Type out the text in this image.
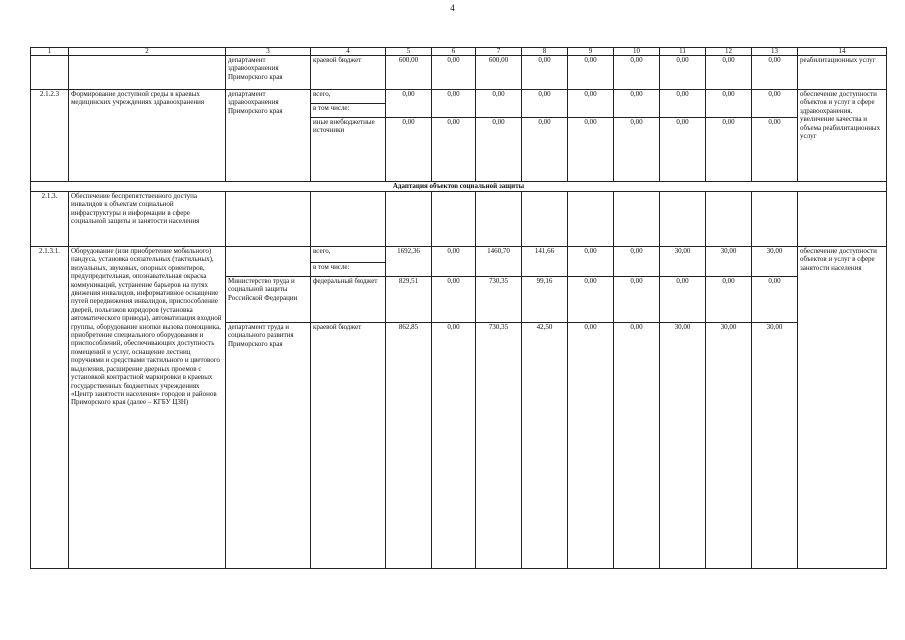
4
1	2	3	4	5	6	7	8	9	10	11	12	13	14
		департамент здравоохранения Приморского края	краевой бюджет	600,00	0,00	600,00	0,00	0,00	0,00	0,00	0,00	0,00	реабилитационных услуг
2.1.2.3	Формирование доступной среды в краевых медицинских учреждениях здравоохранения	департамент здравоохранения Приморского края	всего,	0,00	0,00	0,00	0,00	0,00	0,00	0,00	0,00	0,00	обеспечение доступности объектов и услуг в сфере здравоохранения, увеличение качества и объема реабилитационных услуг
			в том числе:										
			иные внебюджетные источники	0,00	0,00	0,00	0,00	0,00	0,00	0,00	0,00	0,00	
Адаптация объектов социальной защиты													
2.1.3.	Обеспечение беспрепятственного доступа инвалидов к объектам социальной инфраструктуры и информации в сфере социальной защиты и занятости населения												
2.1.3.1.	Оборудование (или приобретение мобильного) пандуса, установка осязательных (тактильных), визуальных, звуковых, опорных ориентиров, предупредительная, опознавательная окраска коммуникаций, устранение барьеров на путях движения инвалидов, информативное оснащение путей передвижения инвалидов, приспособление дверей, польезжов коридоров (установка автоматического привода), автоматизация входной группы, оборудование кнопки вызова помощника, приобретение специального оборудования и приспособлений, обеспечивающих доступность помещений и услуг, оснащение лестниц поручнями и средствами тактильного и цветового выделения, расширение дверных проемов с установкой контрастной маркировки в краевых государственных бюджетных учреждениях «Центр занятости населения» городов и районов Приморского края (далее – КГБУ ЦЗН)		всего,	1692,36	0,00	1460,70	141,66	0,00	0,00	30,00	30,00	30,00	обеспечение доступности объектов и услуг в сфере занятости населения
			в том числе:										
		Министерство труда и социальной защиты Российской Федерации	федеральный бюджет	829,51	0,00	730,35	99,16	0,00	0,00	0,00	0,00	0,00	
		департамент труда и социального развития Приморского края	краевой бюджет	862,85	0,00	730,35	42,50	0,00	0,00	30,00	30,00	30,00	
